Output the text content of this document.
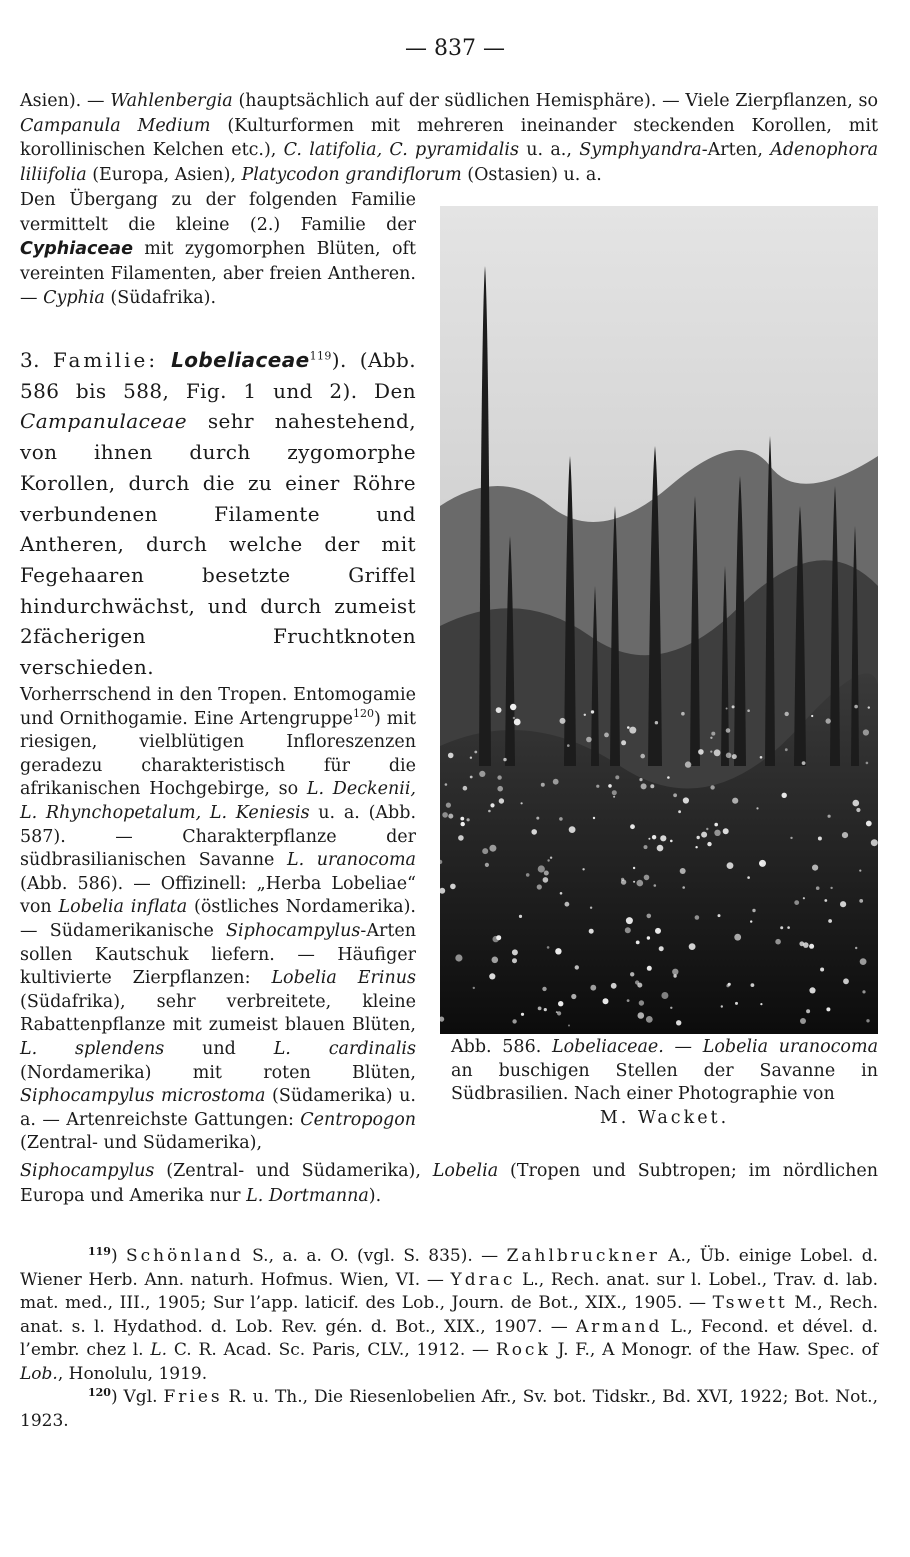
— 837 —
Asien). — Wahlenbergia (hauptsächlich auf der südlichen Hemisphäre). — Viele Zierpflanzen, so Campanula Medium (Kulturformen mit mehreren ineinander steckenden Korollen, mit korollinischen Kelchen etc.), C. latifolia, C. pyramidalis u. a., Symphyandra-Arten, Adenophora liliifolia (Europa, Asien), Platycodon grandiflorum (Ostasien) u. a.
Den Übergang zu der folgenden Familie vermittelt die kleine (2.) Familie der Cyphiaceae mit zygomorphen Blüten, oft vereinten Filamenten, aber freien Antheren. — Cyphia (Südafrika).
3. Familie: Lobeliaceae$^{119}$). (Abb. 586 bis 588, Fig. 1 und 2). Den Campanulaceae sehr nahestehend, von ihnen durch zygomorphe Korollen, durch die zu einer Röhre verbundenen Filamente und Antheren, durch welche der mit Fegehaaren besetzte Griffel hindurchwächst, und durch zumeist 2fächerigen Fruchtknoten verschieden.
Vorherrschend in den Tropen. Entomogamie und Ornithogamie. Eine Artengruppe$^{120}$) mit riesigen, vielblütigen Infloreszenzen geradezu charakteristisch für die afrikanischen Hochgebirge, so L. Deckenii, L. Rhynchopetalum, L. Keniesis u. a. (Abb. 587). — Charakterpflanze der südbrasilianischen Savanne L. uranocoma (Abb. 586). — Offizinell: „Herba Lobeliae“ von Lobelia inflata (östliches Nordamerika). — Südamerikanische Siphocampylus-Arten sollen Kautschuk liefern. — Häufiger kultivierte Zierpflanzen: Lobelia Erinus (Südafrika), sehr verbreitete, kleine Rabattenpflanze mit zumeist blauen Blüten, L. splendens und L. cardinalis (Nordamerika) mit roten Blüten, Siphocampylus microstoma (Südamerika) u. a. — Artenreichste Gattungen: Centropogon (Zentral- und Südamerika),
Siphocampylus (Zentral- und Südamerika), Lobelia (Tropen und Subtropen; im nördlichen Europa und Amerika nur L. Dortmanna).
Abb. 586. Lobeliaceae. — Lobelia uranocoma an buschigen Stellen der Savanne in Südbrasilien. Nach einer Photographie von
M. Wacket.

$^{119}$) Schönland S., a. a. O. (vgl. S. 835). — Zahlbruckner A., Üb. einige Lobel. d. Wiener Herb. Ann. naturh. Hofmus. Wien, VI. — Ydrac L., Rech. anat. sur l. Lobel., Trav. d. lab. mat. med., III., 1905; Sur l’app. laticif. des Lob., Journ. de Bot., XIX., 1905. — Tswett M., Rech. anat. s. l. Hydathod. d. Lob. Rev. gén. d. Bot., XIX., 1907. — Armand L., Fecond. et dével. d. l’embr. chez l. L. C. R. Acad. Sc. Paris, CLV., 1912. — Rock J. F., A Monogr. of the Haw. Spec. of Lob., Honolulu, 1919.

$^{120}$) Vgl. Fries R. u. Th., Die Riesenlobelien Afr., Sv. bot. Tidskr., Bd. XVI, 1922; Bot. Not., 1923.
